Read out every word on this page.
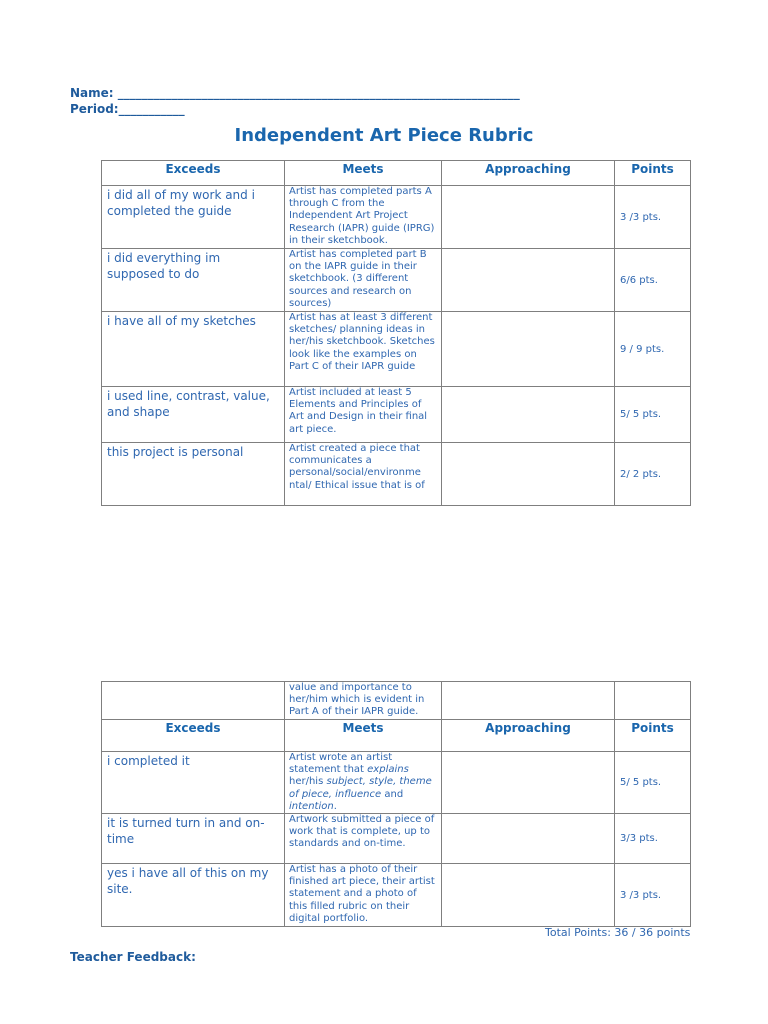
Name: ___________________________________________________________________
Period:___________
Independent Art Piece Rubric
Exceeds	Meets	Approaching	Points
i did all of my work and i completed the guide	Artist has completed parts A through C from the Independent Art Project Research (IAPR) guide (IPRG) in their sketchbook.		3 /3 pts.
i did everything im supposed to do	Artist has completed part B on the IAPR guide in their sketchbook. (3 different sources and research on sources)		6/6 pts.
i have all of my sketches	Artist has at least 3 different sketches/ planning ideas in her/his sketchbook. Sketches look like the examples on Part C of their IAPR guide		9 / 9 pts.
i used line, contrast, value, and shape	Artist included at least 5 Elements and Principles of Art and Design in their final art piece.		5/ 5 pts.
this project is personal	Artist created a piece that communicates a personal/social/environme ntal/ Ethical issue that is of		2/ 2 pts.
	value and importance to her/him which is evident in Part A of their IAPR guide.		
Exceeds	Meets	Approaching	Points
i completed it	Artist wrote an artist statement that explains her/his subject, style, theme of piece, influence and intention.		5/ 5 pts.
it is turned turn in and on-time	Artwork submitted a piece of work that is complete, up to standards and on-time.		3/3 pts.
yes i have all of this on my site.	Artist has a photo of their finished art piece, their artist statement and a photo of this filled rubric on their digital portfolio.		3 /3 pts.
Total Points: 36 / 36 points
Teacher Feedback:
